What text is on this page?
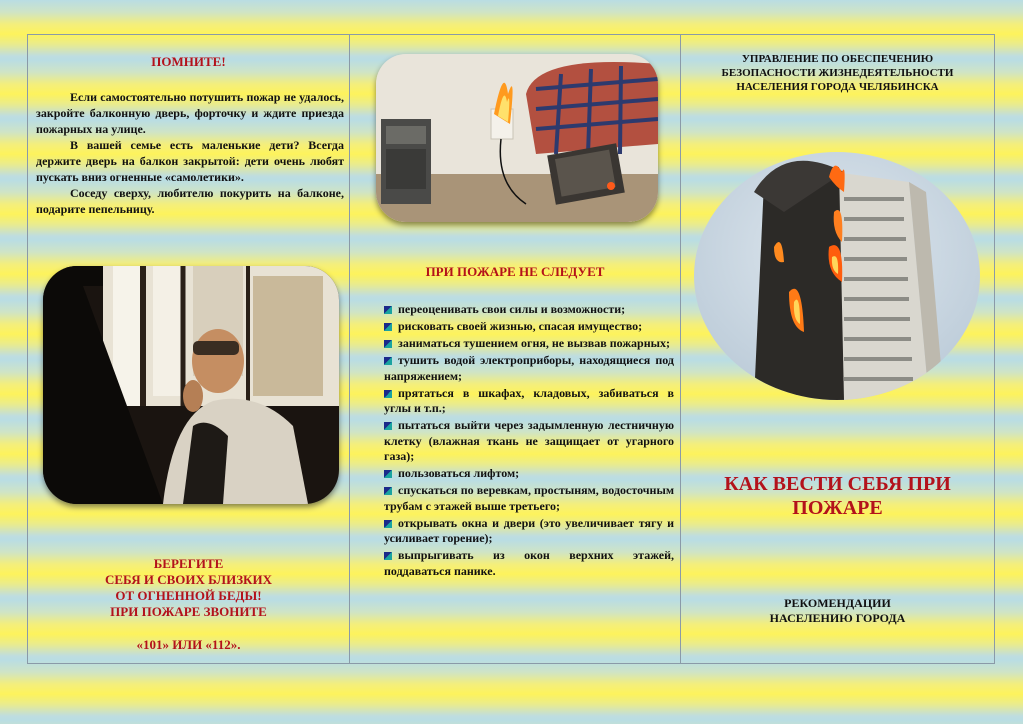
ПОМНИТЕ!

Если самостоятельно потушить пожар не удалось, закройте балконную дверь, форточку и ждите приезда пожарных на улице.

В вашей семье есть маленькие дети? Всегда держите дверь на балкон закрытой: дети очень любят пускать вниз огненные «самолетики».

Соседу сверху, любителю покурить на балконе, подарите пепельницу.

БЕРЕГИТЕ
СЕБЯ И СВОИХ БЛИЗКИХ
ОТ ОГНЕННОЙ БЕДЫ!
ПРИ ПОЖАРЕ ЗВОНИТЕ
«101» ИЛИ «112».
ПРИ ПОЖАРЕ НЕ СЛЕДУЕТ
переоценивать свои силы и возможности;
рисковать своей жизнью, спасая имущество;
заниматься тушением огня, не вызвав пожарных;
тушить водой электроприборы, находящиеся под напряжением;
прятаться в шкафах, кладовых, забиваться в углы и т.п.;
пытаться выйти через задымленную лестничную клетку (влажная ткань не защищает от угарного газа);
пользоваться лифтом;
спускаться по веревкам, простыням, водосточным трубам с этажей выше третьего;
открывать окна и двери (это увеличивает тягу и усиливает горение);
выпрыгивать из окон верхних этажей, поддаваться панике.
УПРАВЛЕНИЕ ПО ОБЕСПЕЧЕНИЮ
БЕЗОПАСНОСТИ ЖИЗНЕДЕЯТЕЛЬНОСТИ
НАСЕЛЕНИЯ ГОРОДА ЧЕЛЯБИНСКА
КАК ВЕСТИ СЕБЯ ПРИ
ПОЖАРЕ
РЕКОМЕНДАЦИИ
НАСЕЛЕНИЮ ГОРОДА
